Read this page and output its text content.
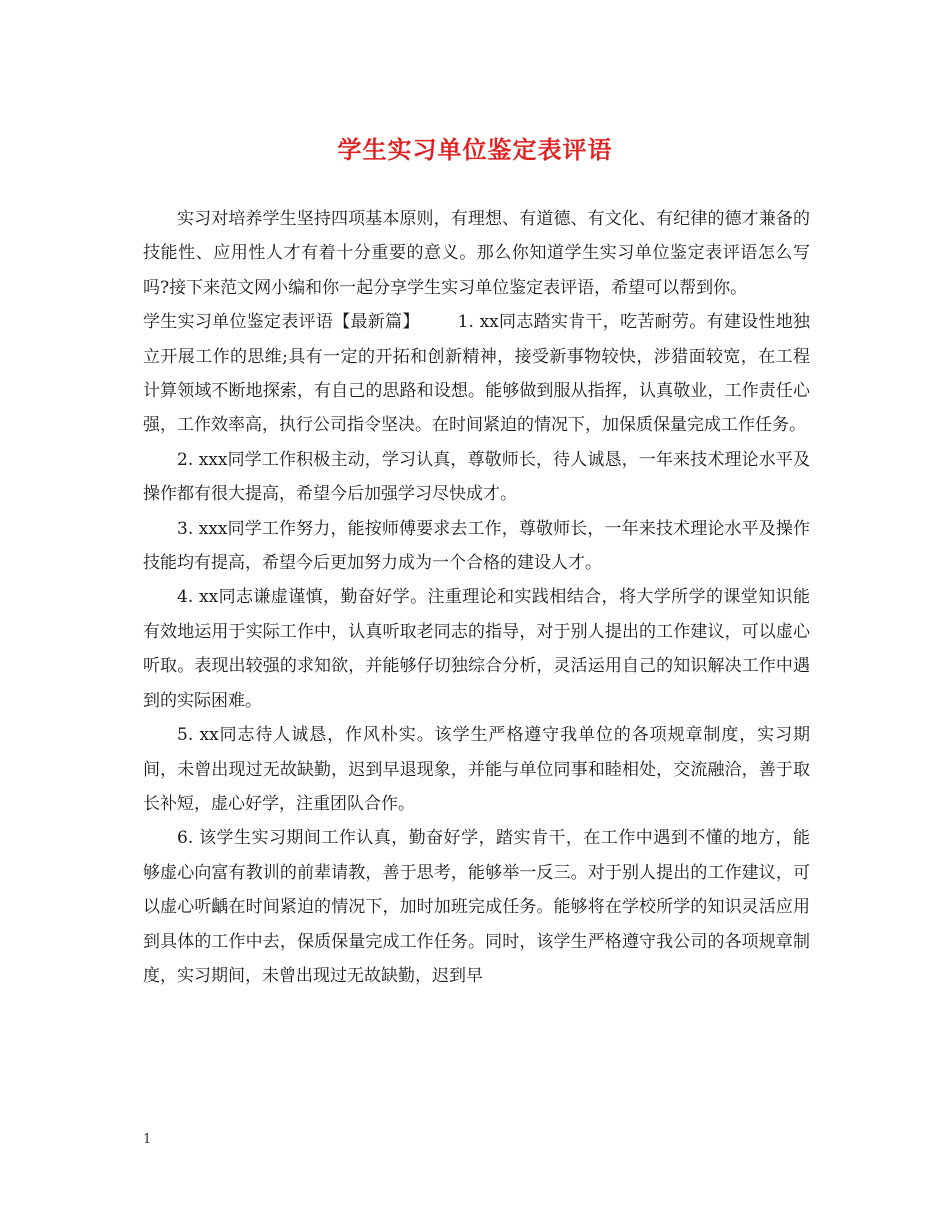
学生实习单位鉴定表评语

实习对培养学生坚持四项基本原则，有理想、有道德、有文化、有纪律的德才兼备的技能性、应用性人才有着十分重要的意义。那么你知道学生实习单位鉴定表评语怎么写吗?接下来范文网小编和你一起分享学生实习单位鉴定表评语，希望可以帮到你。

学生实习单位鉴定表评语【最新篇】 1. xx同志踏实肯干，吃苦耐劳。有建设性地独立开展工作的思维;具有一定的开拓和创新精神，接受新事物较快，涉猎面较宽，在工程计算领域不断地探索，有自己的思路和设想。能够做到服从指挥，认真敬业，工作责任心强，工作效率高，执行公司指令坚决。在时间紧迫的情况下，加保质保量完成工作任务。

2. xxx同学工作积极主动，学习认真，尊敬师长，待人诚恳，一年来技术理论水平及操作都有很大提高，希望今后加强学习尽快成才。

3. xxx同学工作努力，能按师傅要求去工作，尊敬师长，一年来技术理论水平及操作技能均有提高，希望今后更加努力成为一个合格的建设人才。

4. xx同志谦虚谨慎，勤奋好学。注重理论和实践相结合，将大学所学的课堂知识能有效地运用于实际工作中，认真听取老同志的指导，对于别人提出的工作建议，可以虚心听取。表现出较强的求知欲，并能够仔切独综合分析，灵活运用自己的知识解决工作中遇到的实际困难。

5. xx同志待人诚恳，作风朴实。该学生严格遵守我单位的各项规章制度，实习期间，未曾出现过无故缺勤，迟到早退现象，并能与单位同事和睦相处，交流融洽，善于取长补短，虚心好学，注重团队合作。

6. 该学生实习期间工作认真，勤奋好学，踏实肯干，在工作中遇到不懂的地方，能够虚心向富有教训的前辈请教，善于思考，能够举一反三。对于别人提出的工作建议，可以虚心听齲在时间紧迫的情况下，加时加班完成任务。能够将在学校所学的知识灵活应用到具体的工作中去，保质保量完成工作任务。同时，该学生严格遵守我公司的各项规章制度，实习期间，未曾出现过无故缺勤，迟到早

1
